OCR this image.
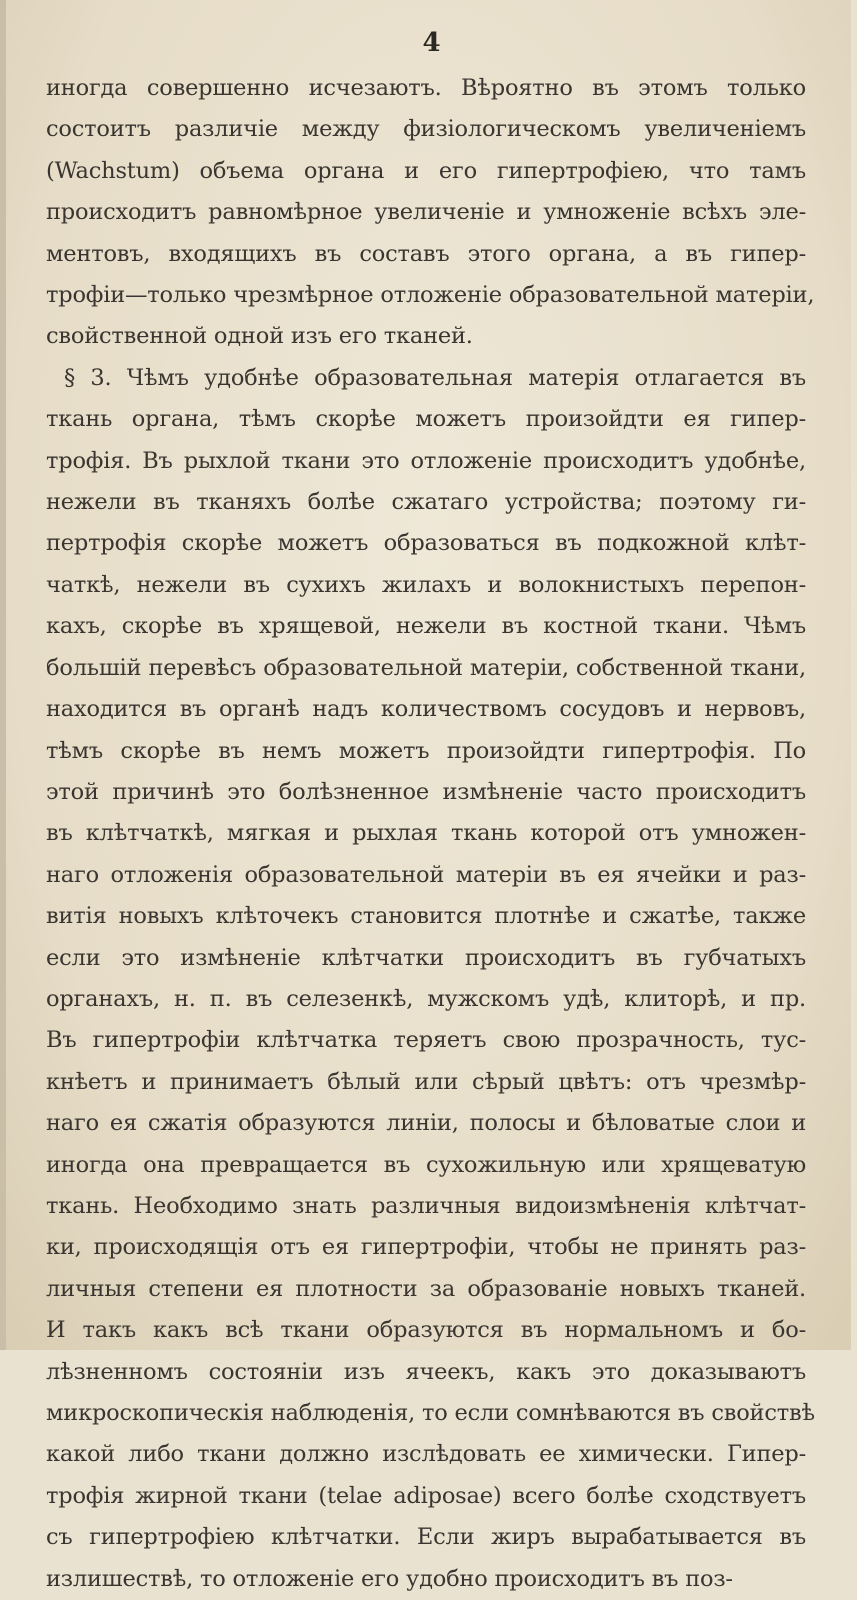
4
иногда совершенно исчезаютъ. Вѣроятно въ этомъ только
состоитъ различіе между физіологическомъ увеличеніемъ
(Wachstum) объема органа и его гипертрофіею, что тамъ
происходитъ равномѣрное увеличеніе и умноженіе всѣхъ эле-
ментовъ, входящихъ въ составъ этого органа, а въ гипер-
трофіи—только чрезмѣрное отложеніе образовательной матеріи,
свойственной одной изъ его тканей.
§ 3. Чѣмъ удобнѣе образовательная матерія отлагается въ
ткань органа, тѣмъ скорѣе можетъ произойдти ея гипер-
трофія. Въ рыхлой ткани это отложеніе происходитъ удобнѣе,
нежели въ тканяхъ болѣе сжатаго устройства; поэтому ги-
пертрофія скорѣе можетъ образоваться въ подкожной клѣт-
чаткѣ, нежели въ сухихъ жилахъ и волокнистыхъ перепон-
кахъ, скорѣе въ хрящевой, нежели въ костной ткани. Чѣмъ
большій перевѣсъ образовательной матеріи, собственной ткани,
находится въ органѣ надъ количествомъ сосудовъ и нервовъ,
тѣмъ скорѣе въ немъ можетъ произойдти гипертрофія. По
этой причинѣ это болѣзненное измѣненіе часто происходитъ
въ клѣтчаткѣ, мягкая и рыхлая ткань которой отъ умножен-
наго отложенія образовательной матеріи въ ея ячейки и раз-
витія новыхъ клѣточекъ становится плотнѣе и сжатѣе, также
если это измѣненіе клѣтчатки происходитъ въ губчатыхъ
органахъ, н. п. въ селезенкѣ, мужскомъ удѣ, клиторѣ, и пр.
Въ гипертрофіи клѣтчатка теряетъ свою прозрачность, тус-
кнѣетъ и принимаетъ бѣлый или сѣрый цвѣтъ: отъ чрезмѣр-
наго ея сжатія образуются линіи, полосы и бѣловатые слои и
иногда она превращается въ сухожильную или хрящеватую
ткань. Необходимо знать различныя видоизмѣненія клѣтчат-
ки, происходящія отъ ея гипертрофіи, чтобы не принять раз-
личныя степени ея плотности за образованіе новыхъ тканей.
И такъ какъ всѣ ткани образуются въ нормальномъ и бо-
лѣзненномъ состояніи изъ ячеекъ, какъ это доказываютъ
микроскопическія наблюденія, то если сомнѣваются въ свойствѣ
какой либо ткани должно изслѣдовать ее химически. Гипер-
трофія жирной ткани (telae adiposae) всего болѣе сходствуетъ
съ гипертрофіею клѣтчатки. Если жиръ вырабатывается въ
излишествѣ, то отложеніе его удобно происходитъ въ поз-
